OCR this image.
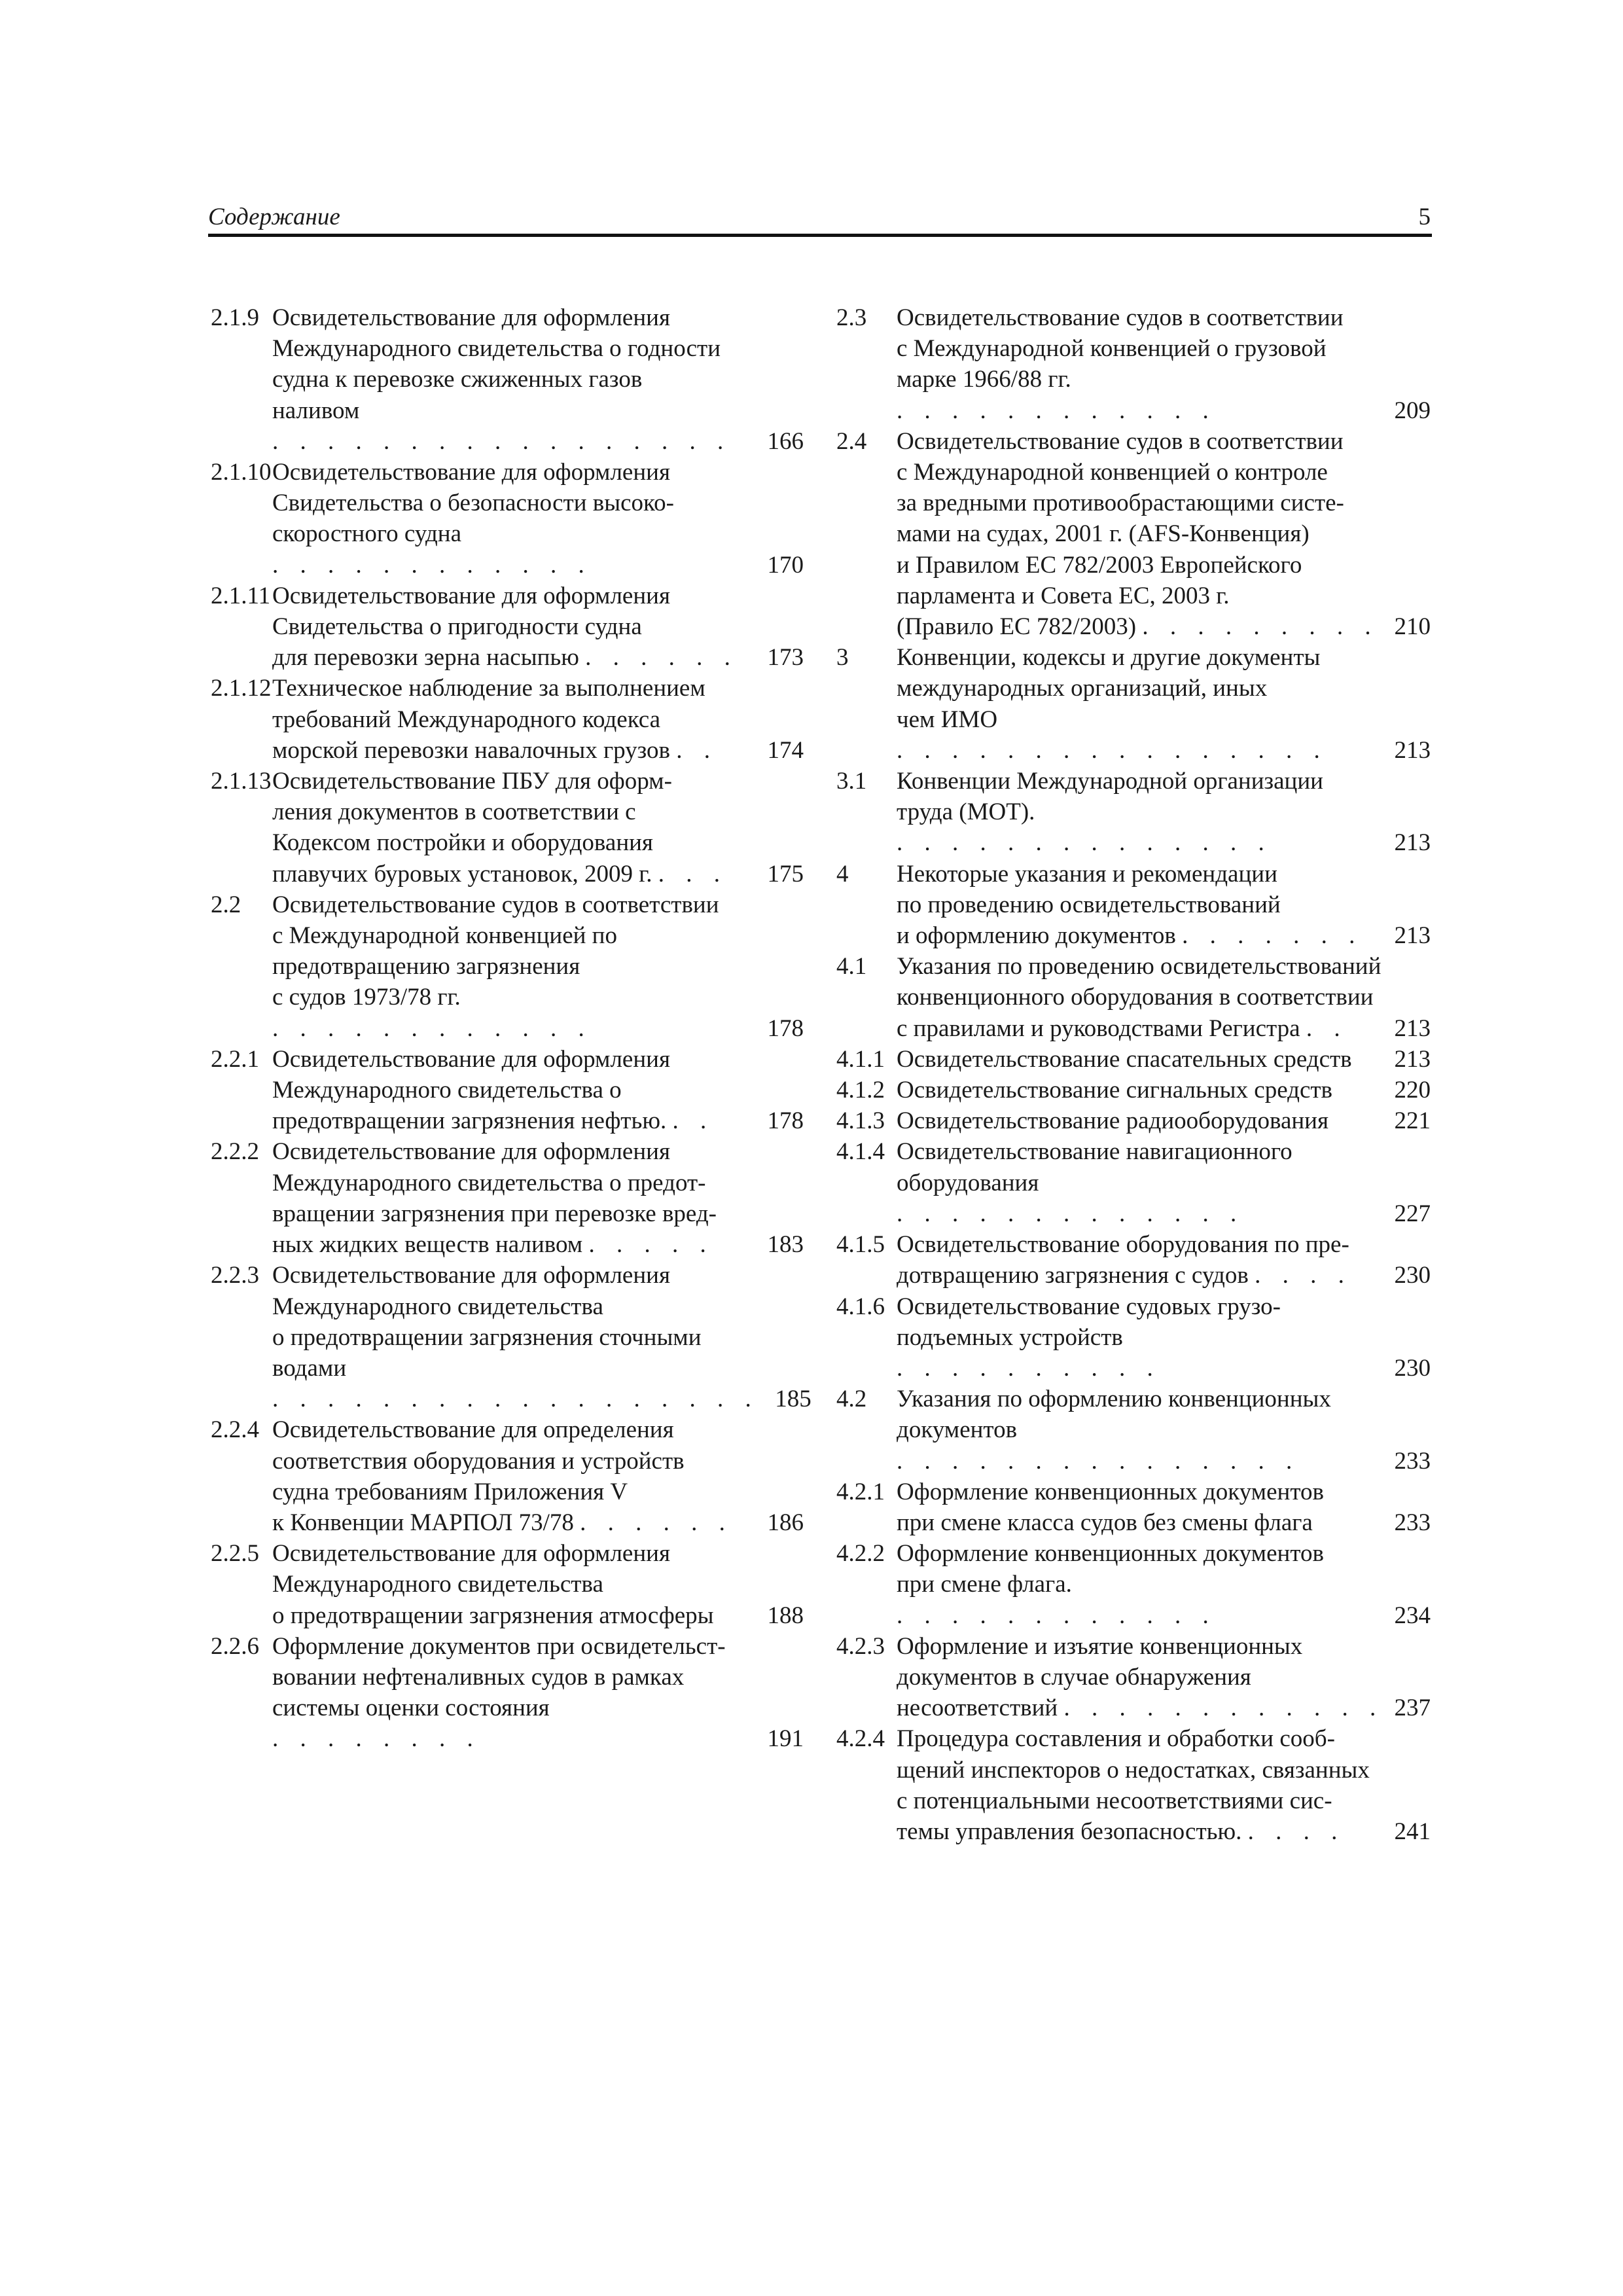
Содержание	5
2.1.9 Освидетельствование для оформления
Международного свидетельства о годности
судна к перевозке сжиженных газов
наливом . . . . . . . . . . . . . . . . .	166
2.1.10 Освидетельствование для оформления
Свидетельства о безопасности высоко-
скоростного судна . . . . . . . . . . . .	170
2.1.11 Освидетельствование для оформления
Свидетельства о пригодности судна
для перевозки зерна насыпью . . . . . .	173
2.1.12 Техническое наблюдение за выполнением
требований Международного кодекса
морской перевозки навалочных грузов . .	174
2.1.13 Освидетельствование ПБУ для оформ-
ления документов в соответствии с
Кодексом постройки и оборудования
плавучих буровых установок, 2009 г. . . .	175
2.2	Освидетельствование судов в соответствии
с Международной конвенцией по
предотвращению загрязнения
с судов 1973/78 гг. . . . . . . . . . . . .	178
2.2.1 Освидетельствование для оформления
Международного свидетельства о
предотвращении загрязнения нефтью. . .	178
2.2.2 Освидетельствование для оформления
Международного свидетельства о предот-
вращении загрязнения при перевозке вред-
ных жидких веществ наливом . . . . .	183
2.2.3 Освидетельствование для оформления
Международного свидетельства
о предотвращении загрязнения сточными
водами . . . . . . . . . . . . . . . . . . 185
2.2.4 Освидетельствование для определения
соответствия оборудования и устройств
судна требованиям Приложения V
к Конвенции МАРПОЛ 73/78 . . . . . .	186
2.2.5 Освидетельствование для оформления
Международного свидетельства
о предотвращении загрязнения атмосферы	188
2.2.6 Оформление документов при освидетельст-
вовании нефтеналивных судов в рамках
системы оценки состояния . . . . . . . .	191
2.3	Освидетельствование судов в соответствии
с Международной конвенцией о грузовой
марке 1966/88 гг. . . . . . . . . . . . .	209
2.4	Освидетельствование судов в соответствии
с Международной конвенцией о контроле
за вредными противообрастающими систе-
мами на судах, 2001 г. (AFS-Конвенция)
и Правилом ЕС 782/2003 Европейского
парламента и Совета ЕС, 2003 г.
(Правило ЕС 782/2003) . . . . . . . . . 210
3	Конвенции, кодексы и другие документы
международных организаций, иных
чем ИМО . . . . . . . . . . . . . . . .	213
3.1	Конвенции Международной организации
труда (МОТ). . . . . . . . . . . . . . .	213
4	Некоторые указания и рекомендации
по проведению освидетельствований
и оформлению документов . . . . . . .	213
4.1	Указания по проведению освидетельствований
конвенционного оборудования в соответствии
с правилами и руководствами Регистра . .	213
4.1.1 Освидетельствование спасательных средств	213
4.1.2 Освидетельствование сигнальных средств	220
4.1.3 Освидетельствование радиооборудования	221
4.1.4 Освидетельствование навигационного
оборудования . . . . . . . . . . . . .	227
4.1.5 Освидетельствование оборудования по пре-
дотвращению загрязнения с судов . . . .	230
4.1.6 Освидетельствование судовых грузо-
подъемных устройств . . . . . . . . . .	230
4.2	Указания по оформлению конвенционных
документов . . . . . . . . . . . . . . .	233
4.2.1 Оформление конвенционных документов
при смене класса судов без смены флага	233
4.2.2 Оформление конвенционных документов
при смене флага. . . . . . . . . . . . .	234
4.2.3 Оформление и изъятие конвенционных
документов в случае обнаружения
несоответствий . . . . . . . . . . . . 237
4.2.4 Процедура составления и обработки сооб-
щений инспекторов о недостатках, связанных
с потенциальными несоответствиями сис-
темы управления безопасностью. . . . .	241
